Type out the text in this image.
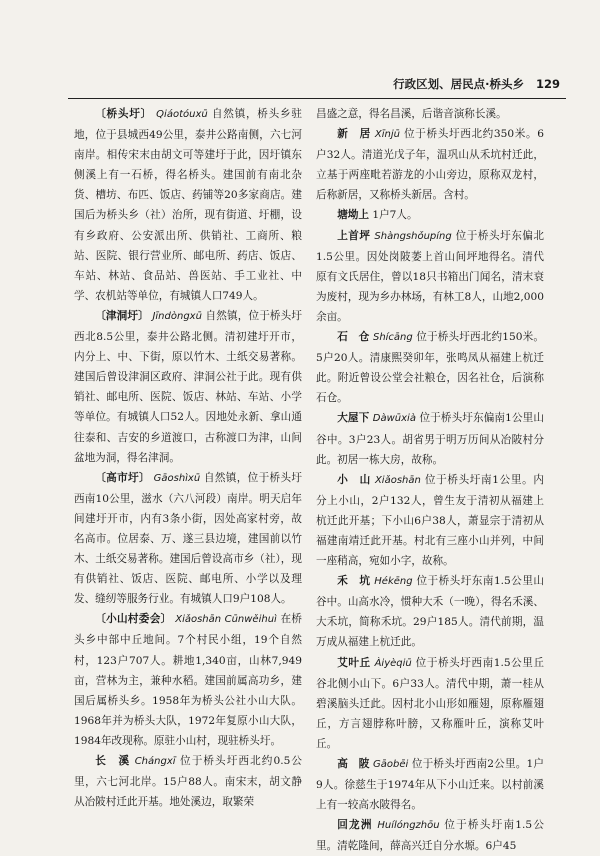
行政区划、居民点·桥头乡 129

〔桥头圩〕 Qiáotóuxū 自然镇，桥头乡驻地，位于县城西49公里，泰井公路南侧，六七河南岸。相传宋末由胡文可等建圩于此，因圩镇东侧溪上有一石桥，得名桥头。建国前有南北杂货、槽坊、布匹、饭店、药铺等20多家商店。建国后为桥头乡（社）治所，现有街道、圩棚，设有乡政府、公安派出所、供销社、工商所、粮站、医院、银行营业所、邮电所、药店、饭店、车站、林站、食品站、兽医站、手工业社、中学、农机站等单位，有城镇人口749人。

〔津洞圩〕 Jīndòngxū 自然镇，位于桥头圩西北8.5公里，泰井公路北侧。清初建圩开市，内分上、中、下街，原以竹木、土纸交易著称。建国后曾设津洞区政府、津洞公社于此。现有供销社、邮电所、医院、饭店、林站、车站、小学等单位。有城镇人口52人。因地处永新、拿山通往泰和、吉安的乡道渡口，古称渡口为津，山间盆地为洞，得名津洞。

〔高市圩〕 Gāoshìxū 自然镇，位于桥头圩西南10公里，滋水（六八河段）南岸。明天启年间建圩开市，内有3条小街，因处高家村旁，故名高市。位居泰、万、遂三县边境，建国前以竹木、土纸交易著称。建国后曾设高市乡（社），现有供销社、饭店、医院、邮电所、小学以及理发、缝纫等服务行业。有城镇人口9户108人。

〔小山村委会〕 Xiǎoshān Cūnwěihuì 在桥头乡中部中丘地间。7个村民小组，19个自然村，123户707人。耕地1,340亩，山林7,949亩，营林为主，兼种水稻。建国前属高功乡，建国后属桥头乡。1958年为桥头公社小山大队。1968年并为桥头大队，1972年复原小山大队，1984年改现称。原驻小山村，现驻桥头圩。

长　溪 Chángxī 位于桥头圩西北约0.5公里，六七河北岸。15户88人。南宋末，胡文静从冶陂村迁此开基。地处溪边，取繁荣

昌盛之意，得名昌溪，后谐音演称长溪。

新　居 Xīnjū 位于桥头圩西北约350米。6户32人。清道光戊子年，温巩山从禾坑村迁此，立基于两座毗若游龙的小山旁边，原称双龙村，后称新居，又称桥头新居。含村。

塘坳上 1户7人。

上首坪 Shàngshǒupíng 位于桥头圩东偏北1.5公里。因处岗陂萎上首山间坪地得名。清代原有文氏居住，曾以18只书箱出门闻名，清末衰为废村，现为乡办林场，有林工8人，山地2,000余亩。

石　仓 Shícāng 位于桥头圩西北约150米。5户20人。清康熙癸卯年，张鸣凤从福建上杭迁此。附近曾设公堂会社粮仓，因名社仓，后演称石仓。

大屋下 Dàwūxià 位于桥头圩东偏南1公里山谷中。3户23人。胡省男于明万历间从冶陂村分此。初居一栋大房，故称。

小　山 Xiǎoshān 位于桥头圩南1公里。内分上小山，2户132人，曾生友于清初从福建上杭迁此开基；下小山6户38人，萧显宗于清初从福建南靖迁此开基。村北有三座小山并列，中间一座稍高，宛如小字，故称。

禾　坑 Hékēng 位于桥头圩东南1.5公里山谷中。山高水冷，惯种大禾（一晚），得名禾溪、大禾坑，简称禾坑。29户185人。清代前期，温万成从福建上杭迁此。

艾叶丘 Àiyèqiū 位于桥头圩西南1.5公里丘谷北侧小山下。6户33人。清代中期，萧一桂从碧溪脑头迁此。因村北小山形如雁翅，原称雁翅丘，方言翅脖称叶膀，又称雁叶丘，演称艾叶丘。

高　陂 Gāobēi 位于桥头圩西南2公里。1户9人。徐慈生于1974年从下小山迁来。以村前溪上有一较高水陂得名。

回龙洲 Huílóngzhōu 位于桥头圩南1.5公里。清乾隆间，薛高兴迁自分水塬。6户45
